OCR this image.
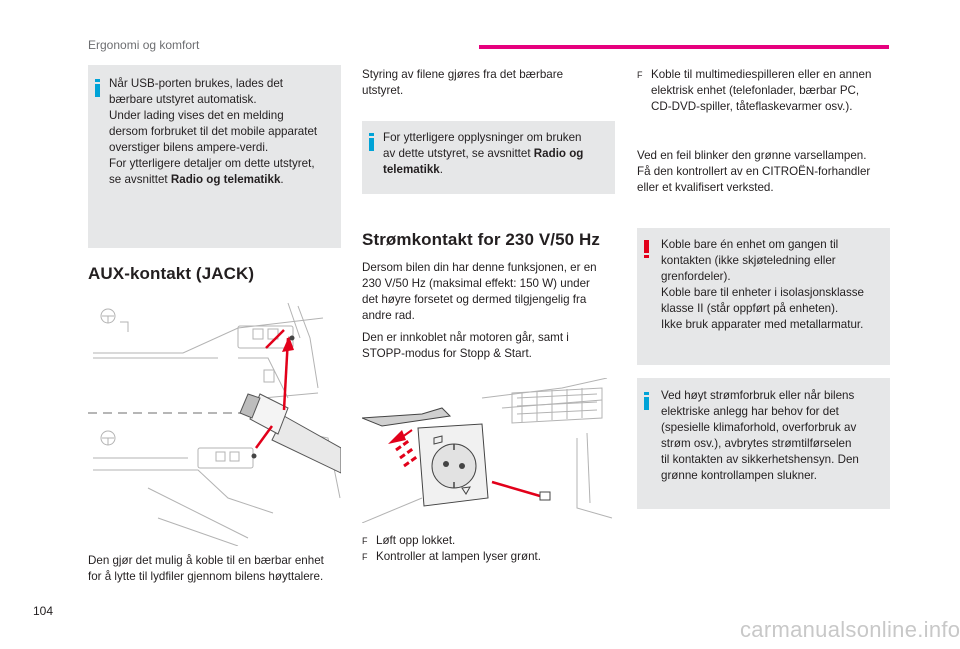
Ergonomi og komfort

Når USB-porten brukes, lades det

bærbare utstyret automatisk.

Under lading vises det en melding

dersom forbruket til det mobile apparatet

overstiger bilens ampere-verdi.

For ytterligere detaljer om dette utstyret,

se avsnittet Radio og telematikk.

AUX-kontakt (JACK)

Den gjør det mulig å koble til en bærbar enhet

for å lytte til lydfiler gjennom bilens høyttalere.

Styring av filene gjøres fra det bærbare

utstyret.

For ytterligere opplysninger om bruken

av dette utstyret, se avsnittet Radio og

telematikk.

Strømkontakt for 230 V/50 Hz

Dersom bilen din har denne funksjonen, er en

230 V/50 Hz (maksimal effekt: 150 W) under

det høyre forsetet og dermed tilgjengelig fra

andre rad.

Den er innkoblet når motoren går, samt i

STOPP-modus for Stopp & Start.

F Løft opp lokket.
F Kontroller at lampen lyser grønt.
F Koble til multimediespilleren eller en annen

elektrisk enhet (telefonlader, bærbar PC,

CD-DVD-spiller, tåteflaskevarmer osv.).

Ved en feil blinker den grønne varsellampen.

Få den kontrollert av en CITROËN-forhandler

eller et kvalifisert verksted.

Koble bare én enhet om gangen til

kontakten (ikke skjøteledning eller

grenfordeler).

Koble bare til enheter i isolasjonsklasse

klasse II (står oppført på enheten).

Ikke bruk apparater med metallarmatur.

Ved høyt strømforbruk eller når bilens

elektriske anlegg har behov for det

(spesielle klimaforhold, overforbruk av

strøm osv.), avbrytes strømtilførselen

til kontakten av sikkerhetshensyn. Den

grønne kontrollampen slukner.

104
carmanualsonline.info
